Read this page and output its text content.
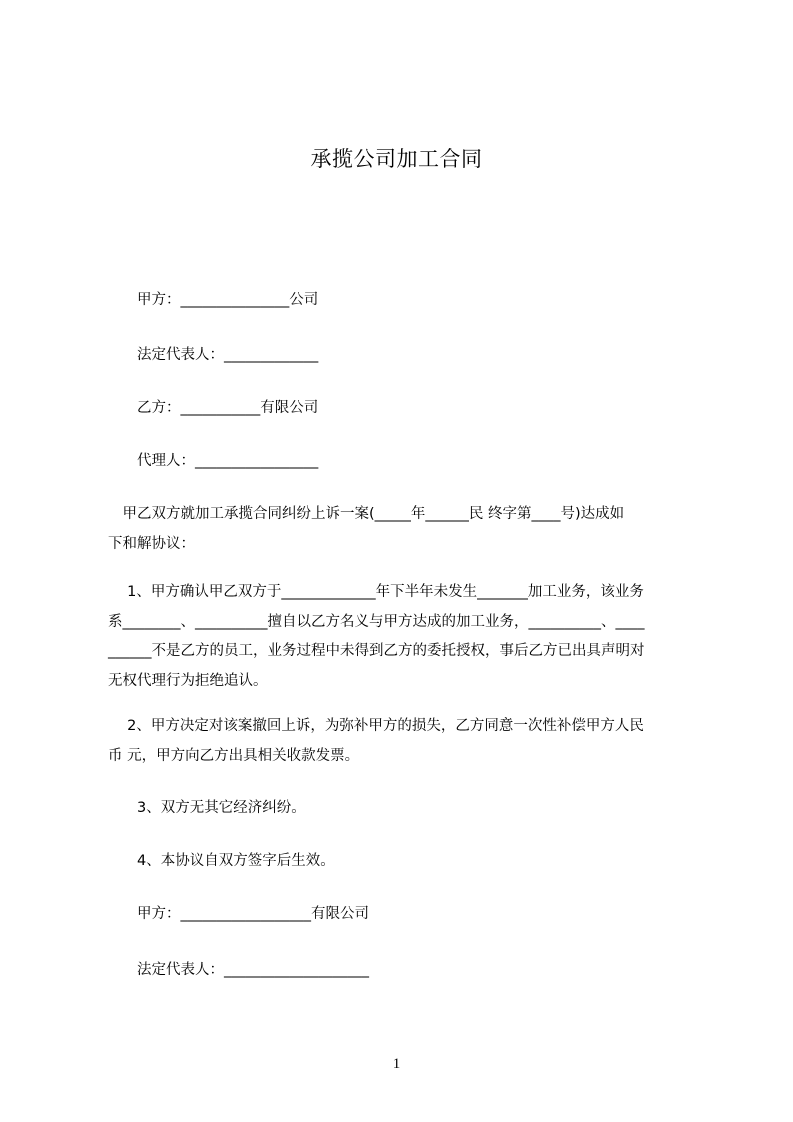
承揽公司加工合同
甲方：_______________公司
法定代表人：_____________
乙方：___________有限公司
代理人：_________________
　甲乙双方就加工承揽合同纠纷上诉一案(_____年______民 终字第____号)达成如
下和解协议：
　 1、甲方确认甲乙双方于_____________年下半年未发生_______加工业务，该业务
系________、__________擅自以乙方名义与甲方达成的加工业务，__________、____
______不是乙方的员工，业务过程中未得到乙方的委托授权，事后乙方已出具声明对
无权代理行为拒绝追认。
　 2、甲方决定对该案撤回上诉，为弥补甲方的损失，乙方同意一次性补偿甲方人民
币 元，甲方向乙方出具相关收款发票。
3、双方无其它经济纠纷。
4、本协议自双方签字后生效。
甲方：__________________有限公司
法定代表人：____________________
1
